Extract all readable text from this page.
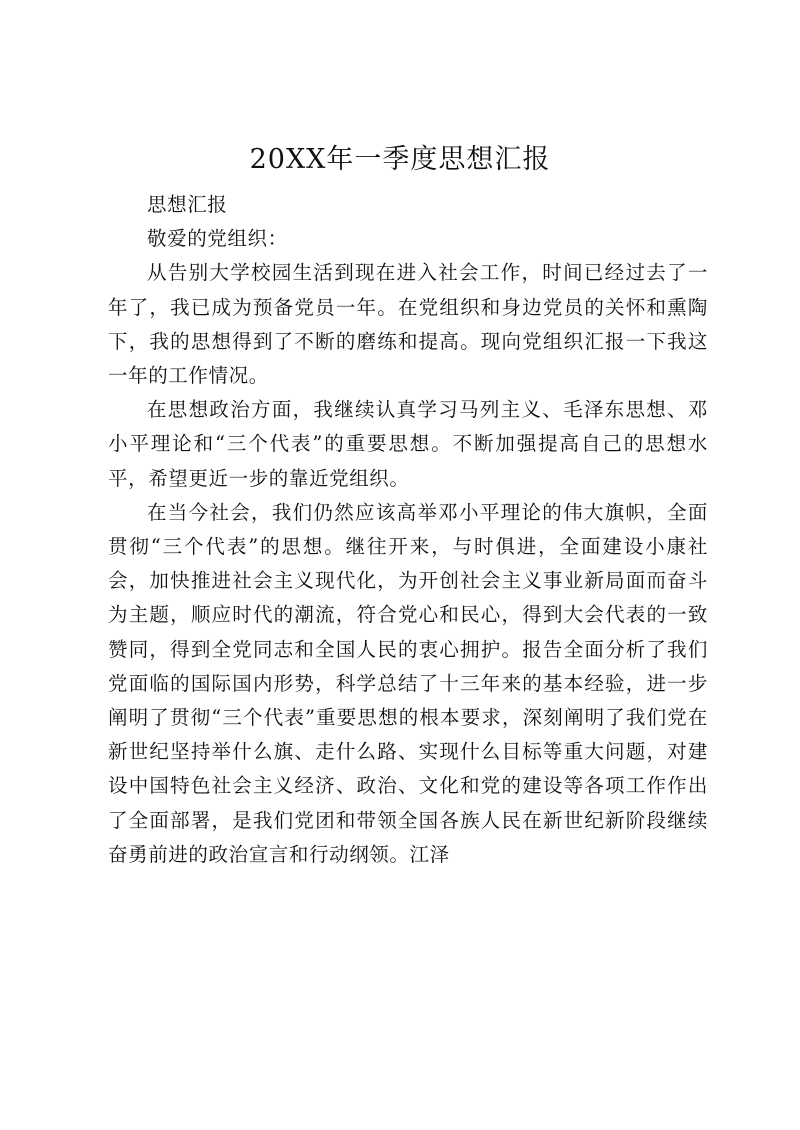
20XX年一季度思想汇报

思想汇报

敬爱的党组织：

从告别大学校园生活到现在进入社会工作，时间已经过去了一年了，我已成为预备党员一年。在党组织和身边党员的关怀和熏陶下，我的思想得到了不断的磨练和提高。现向党组织汇报一下我这一年的工作情况。

在思想政治方面，我继续认真学习马列主义、毛泽东思想、邓小平理论和“三个代表”的重要思想。不断加强提高自己的思想水平，希望更近一步的靠近党组织。

在当今社会，我们仍然应该高举邓小平理论的伟大旗帜，全面贯彻“三个代表”的思想。继往开来，与时俱进，全面建设小康社会，加快推进社会主义现代化，为开创社会主义事业新局面而奋斗为主题，顺应时代的潮流，符合党心和民心，得到大会代表的一致赞同，得到全党同志和全国人民的衷心拥护。报告全面分析了我们党面临的国际国内形势，科学总结了十三年来的基本经验，进一步阐明了贯彻“三个代表”重要思想的根本要求，深刻阐明了我们党在新世纪坚持举什么旗、走什么路、实现什么目标等重大问题，对建设中国特色社会主义经济、政治、文化和党的建设等各项工作作出了全面部署，是我们党团和带领全国各族人民在新世纪新阶段继续奋勇前进的政治宣言和行动纲领。江泽
